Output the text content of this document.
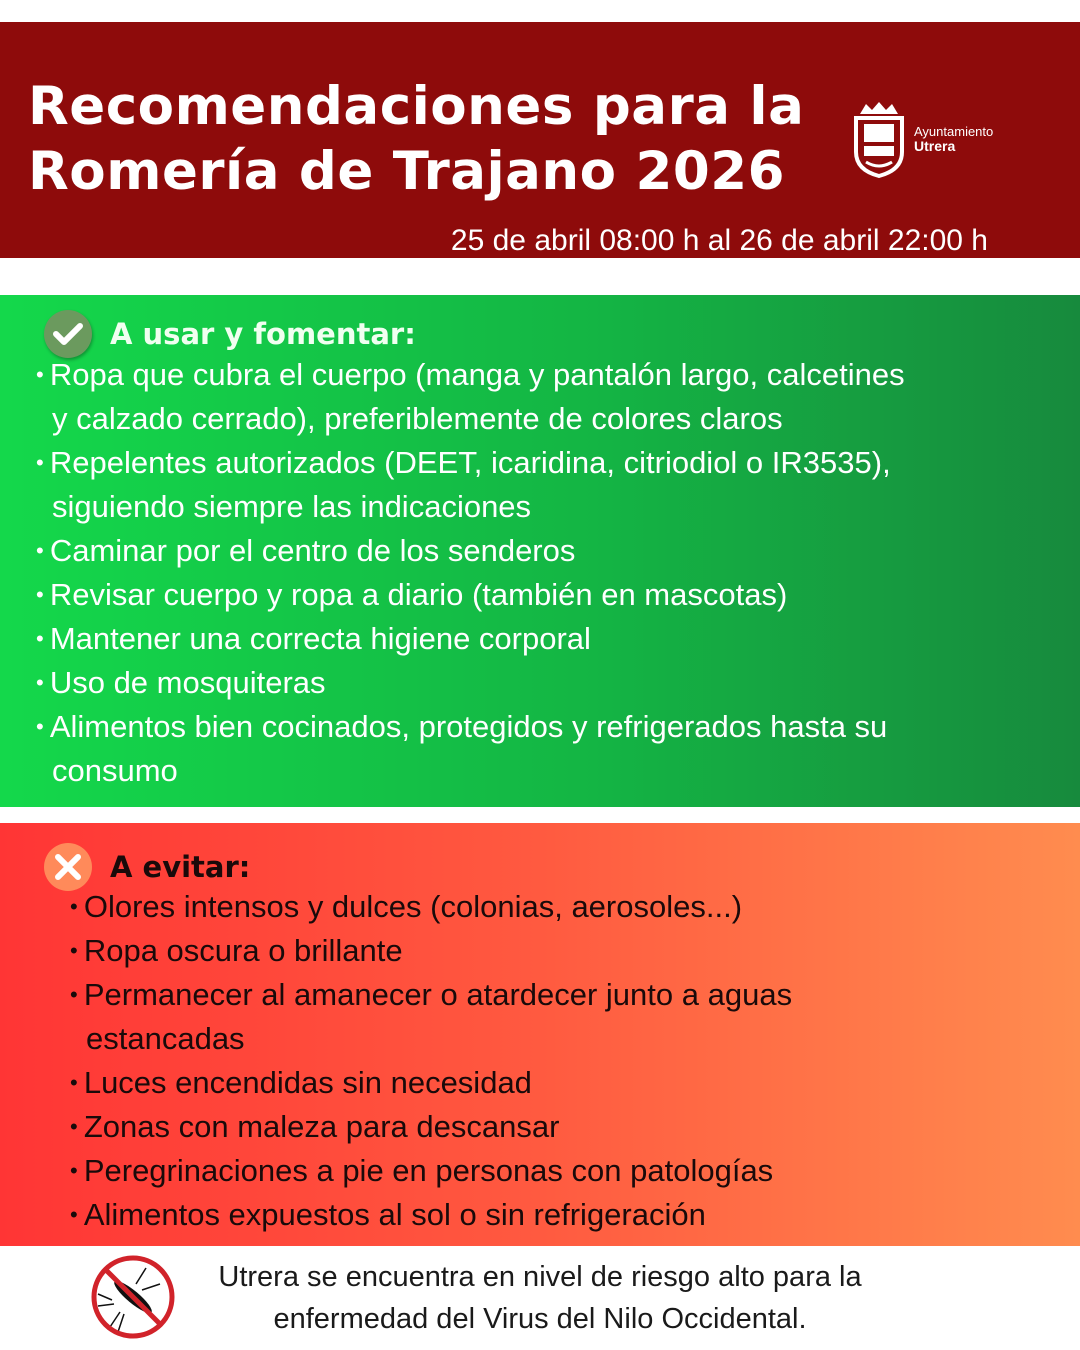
Recomendaciones para la
Romería de Trajano 2026
Ayuntamiento
Utrera
25 de abril 08:00 h al 26 de abril 22:00 h
A usar y fomentar:
• Ropa que cubra el cuerpo (manga y pantalón largo, calcetines
y calzado cerrado), preferiblemente de colores claros
• Repelentes autorizados (DEET, icaridina, citriodiol o IR3535),
siguiendo siempre las indicaciones
• Caminar por el centro de los senderos
• Revisar cuerpo y ropa a diario (también en mascotas)
• Mantener una correcta higiene corporal
• Uso de mosquiteras
• Alimentos bien cocinados, protegidos y refrigerados hasta su
consumo
A evitar:
• Olores intensos y dulces (colonias, aerosoles...)
• Ropa oscura o brillante
• Permanecer al amanecer o atardecer junto a aguas
estancadas
• Luces encendidas sin necesidad
• Zonas con maleza para descansar
• Peregrinaciones a pie en personas con patologías
• Alimentos expuestos al sol o sin refrigeración
Utrera se encuentra en nivel de riesgo alto para la
enfermedad del Virus del Nilo Occidental.
